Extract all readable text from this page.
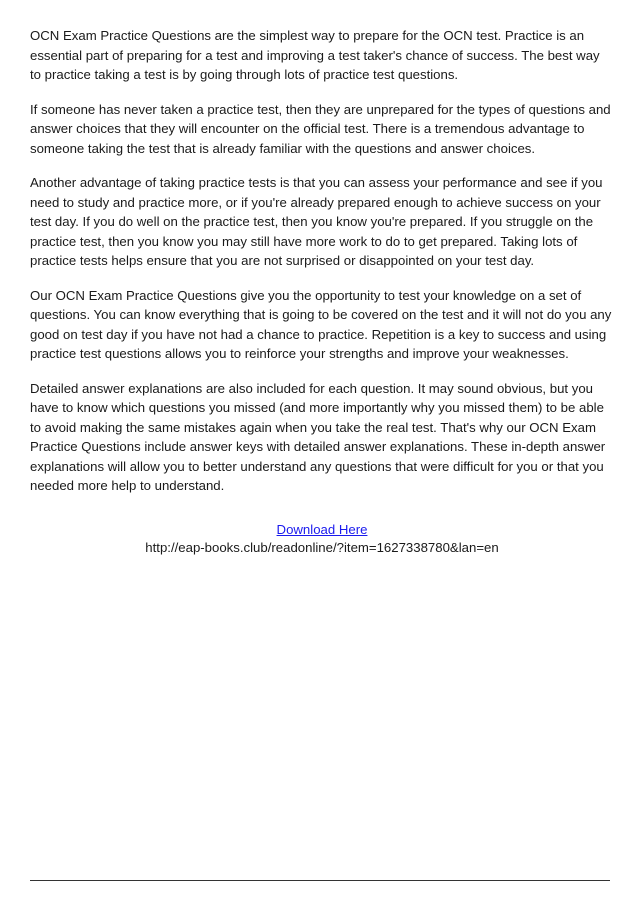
OCN Exam Practice Questions are the simplest way to prepare for the OCN test. Practice is an essential part of preparing for a test and improving a test taker's chance of success. The best way to practice taking a test is by going through lots of practice test questions.

If someone has never taken a practice test, then they are unprepared for the types of questions and answer choices that they will encounter on the official test. There is a tremendous advantage to someone taking the test that is already familiar with the questions and answer choices.

Another advantage of taking practice tests is that you can assess your performance and see if you need to study and practice more, or if you're already prepared enough to achieve success on your test day. If you do well on the practice test, then you know you're prepared. If you struggle on the practice test, then you know you may still have more work to do to get prepared. Taking lots of practice tests helps ensure that you are not surprised or disappointed on your test day.

Our OCN Exam Practice Questions give you the opportunity to test your knowledge on a set of questions. You can know everything that is going to be covered on the test and it will not do you any good on test day if you have not had a chance to practice. Repetition is a key to success and using practice test questions allows you to reinforce your strengths and improve your weaknesses.

Detailed answer explanations are also included for each question. It may sound obvious, but you have to know which questions you missed (and more importantly why you missed them) to be able to avoid making the same mistakes again when you take the real test. That's why our OCN Exam Practice Questions include answer keys with detailed answer explanations. These in-depth answer explanations will allow you to better understand any questions that were difficult for you or that you needed more help to understand.

Download Here
http://eap-books.club/readonline/?item=1627338780&lan=en
